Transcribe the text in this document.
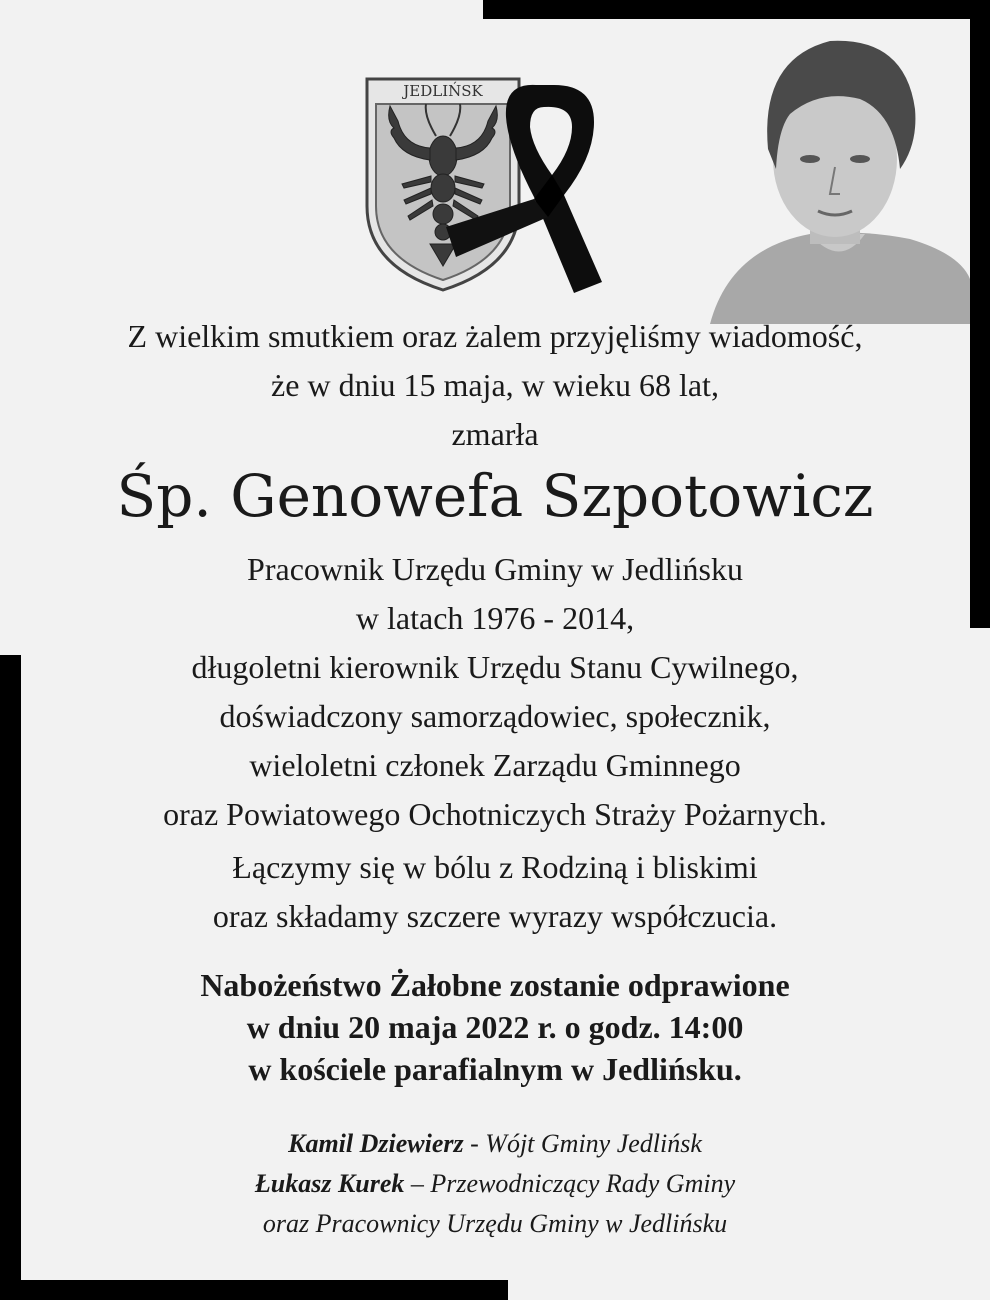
JEDLIŃSK
Z wielkim smutkiem oraz żalem przyjęliśmy wiadomość,
że w dniu 15 maja, w wieku 68 lat,
zmarła
Śp. Genowefa Szpotowicz
Pracownik Urzędu Gminy w Jedlińsku
w latach 1976 - 2014,
długoletni kierownik Urzędu Stanu Cywilnego,
doświadczony samorządowiec, społecznik,
wieloletni członek Zarządu Gminnego
oraz Powiatowego Ochotniczych Straży Pożarnych.
Łączymy się w bólu z Rodziną i bliskimi
oraz składamy szczere wyrazy współczucia.
Nabożeństwo Żałobne zostanie odprawione
w dniu 20 maja 2022 r. o godz. 14:00
w kościele parafialnym w Jedlińsku.
Kamil Dziewierz - Wójt Gminy Jedlińsk
Łukasz Kurek – Przewodniczący Rady Gminy
oraz Pracownicy Urzędu Gminy w Jedlińsku
